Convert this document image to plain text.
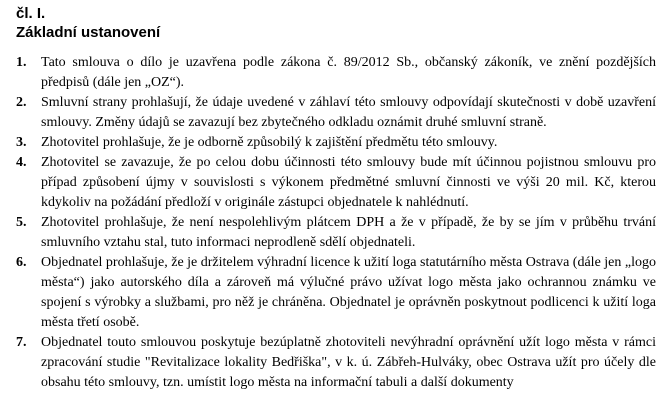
čl. I.
Základní ustanovení
1. Tato smlouva o dílo je uzavřena podle zákona č. 89/2012 Sb., občanský zákoník, ve znění pozdějších předpisů (dále jen „OZ“).
2. Smluvní strany prohlašují, že údaje uvedené v záhlaví této smlouvy odpovídají skutečnosti v době uzavření smlouvy. Změny údajů se zavazují bez zbytečného odkladu oznámit druhé smluvní straně.
3. Zhotovitel prohlašuje, že je odborně způsobilý k zajištění předmětu této smlouvy.
4. Zhotovitel se zavazuje, že po celou dobu účinnosti této smlouvy bude mít účinnou pojistnou smlouvu pro případ způsobení újmy v souvislosti s výkonem předmětné smluvní činnosti ve výši 20 mil. Kč, kterou kdykoliv na požádání předloží v originále zástupci objednatele k nahlédnutí.
5. Zhotovitel prohlašuje, že není nespolehlivým plátcem DPH a že v případě, že by se jím v průběhu trvání smluvního vztahu stal, tuto informaci neprodleně sdělí objednateli.
6. Objednatel prohlašuje, že je držitelem výhradní licence k užití loga statutárního města Ostrava (dále jen „logo města“) jako autorského díla a zároveň má výlučné právo užívat logo města jako ochrannou známku ve spojení s výrobky a službami, pro něž je chráněna. Objednatel je oprávněn poskytnout podlicenci k užití loga města třetí osobě.
7. Objednatel touto smlouvou poskytuje bezúplatně zhotoviteli nevýhradní oprávnění užít logo města v rámci zpracování studie "Revitalizace lokality Bedřiška", v k. ú. Zábřeh-Hulváky, obec Ostrava užít pro účely dle obsahu této smlouvy, tzn. umístit logo města na informační tabuli a další dokumenty
